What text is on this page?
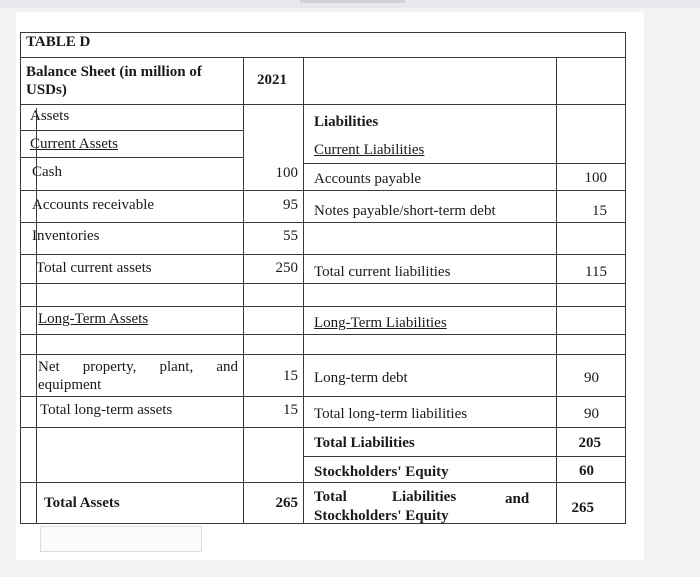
TABLE D
Balance Sheet (in million of USDs)
2021
Assets
Current Assets
Cash
Accounts receivable
Inventories
Total current assets
Long-Term Assets
Net property, plant, and equipment
Total long-term assets
Total Assets
100
95
55
250
15
15
265
Liabilities
Current Liabilities
Accounts payable
Notes payable/short-term debt
Total current liabilities
Long-Term Liabilities
Long-term debt
Total long-term liabilities
Total Liabilities
Stockholders' Equity
Total	Liabilities	and
Stockholders' Equity
100
15
115
90
90
205
60
265
